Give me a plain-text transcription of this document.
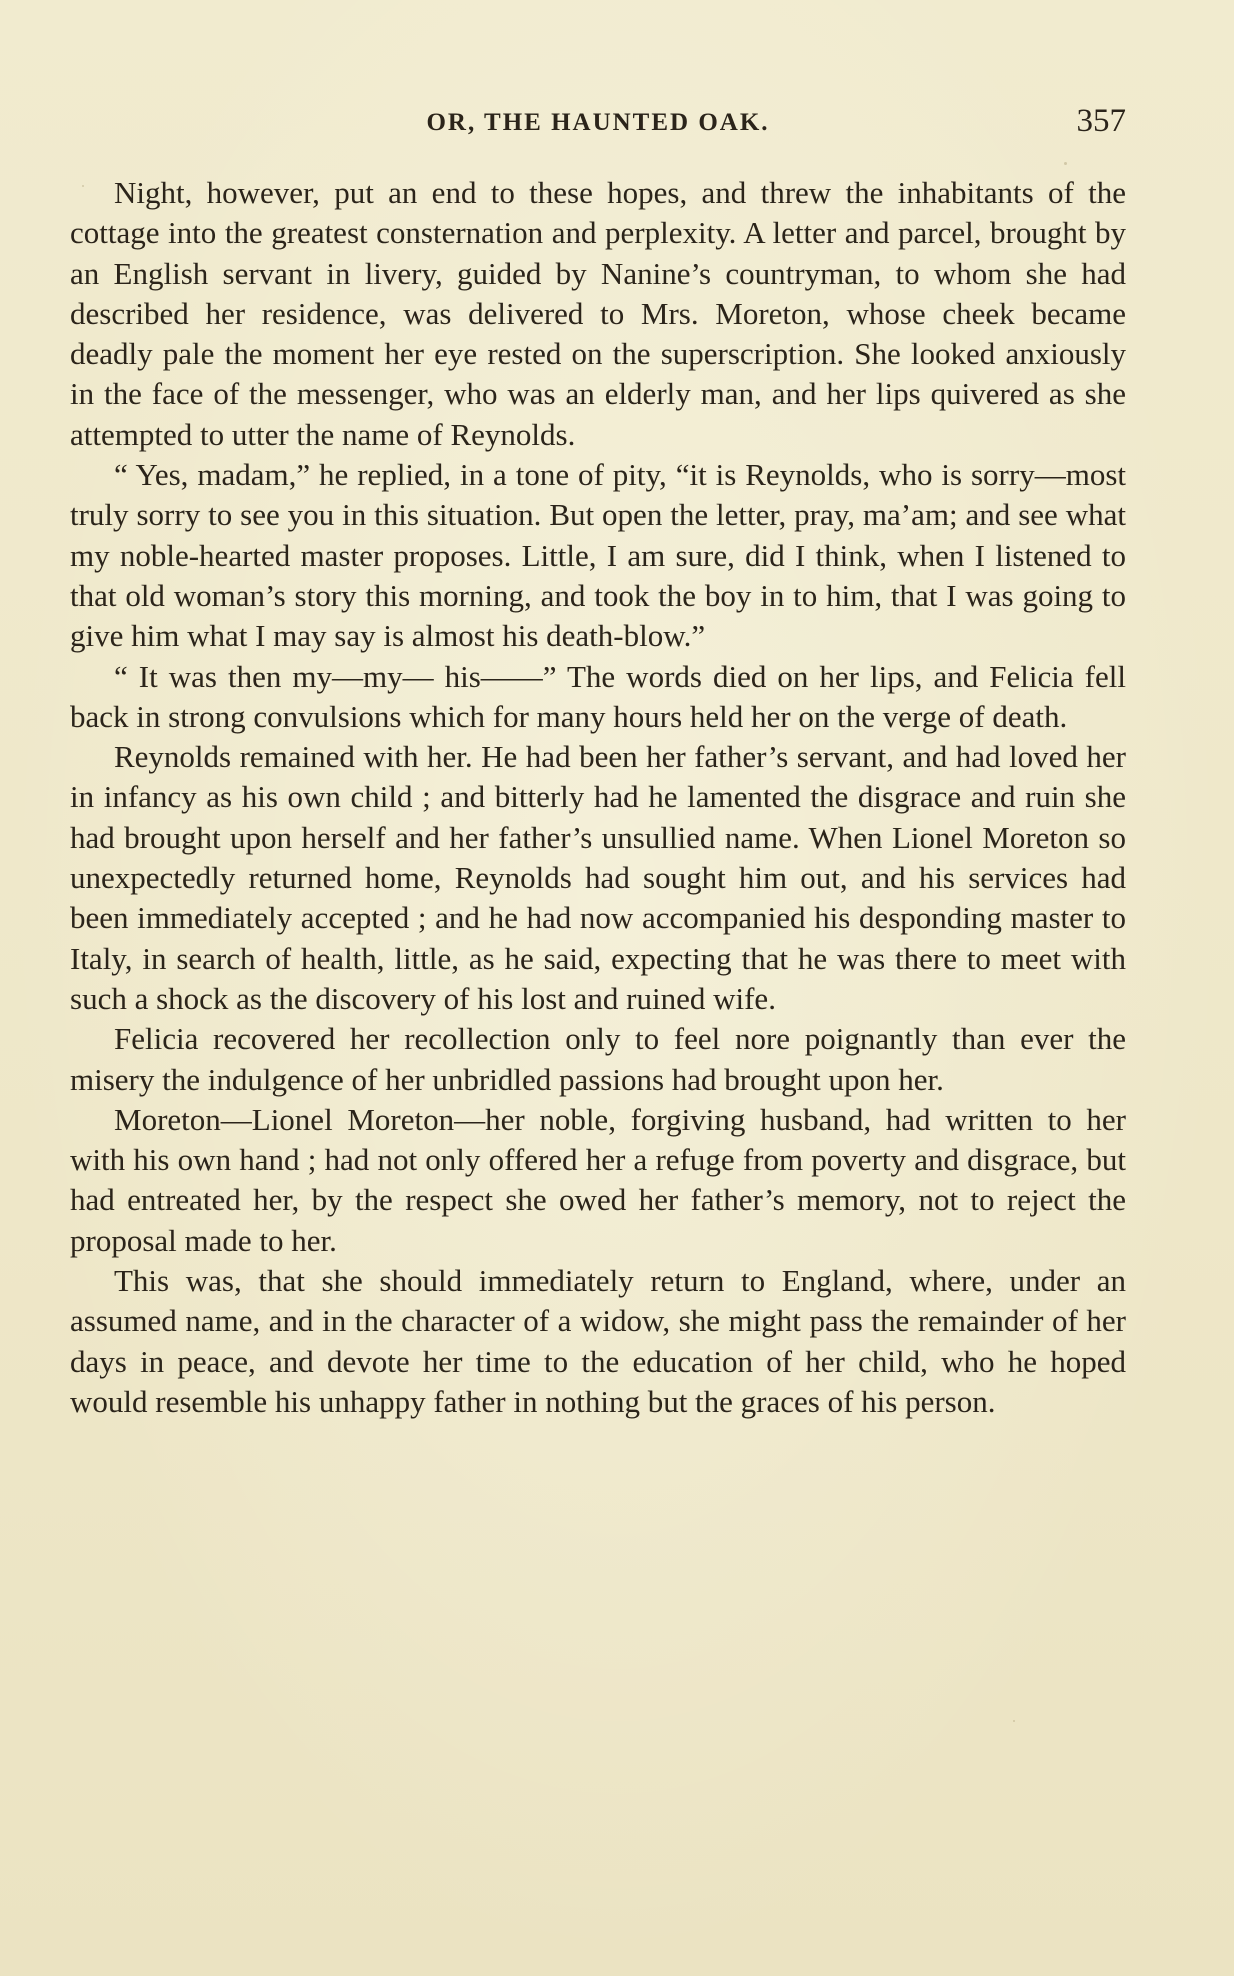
OR, THE HAUNTED OAK.	357

Night, however, put an end to these hopes, and threw the inhabitants of the cottage into the greatest consternation and perplexity. A letter and parcel, brought by an English servant in livery, guided by Nanine’s countryman, to whom she had described her residence, was delivered to Mrs. Moreton, whose cheek became deadly pale the moment her eye rested on the superscription. She looked anxiously in the face of the messenger, who was an elderly man, and her lips quivered as she attempted to utter the name of Reynolds.

“ Yes, madam,” he replied, in a tone of pity, “it is Reynolds, who is sorry—most truly sorry to see you in this situation. But open the letter, pray, ma’am; and see what my noble-hearted master proposes. Little, I am sure, did I think, when I listened to that old woman’s story this morning, and took the boy in to him, that I was going to give him what I may say is almost his death-blow.”

“ It was then my—my— his——” The words died on her lips, and Felicia fell back in strong convulsions which for many hours held her on the verge of death.

Reynolds remained with her. He had been her father’s servant, and had loved her in infancy as his own child ; and bitterly had he lamented the disgrace and ruin she had brought upon herself and her father’s unsullied name. When Lionel Moreton so unexpectedly returned home, Reynolds had sought him out, and his services had been immediately accepted ; and he had now accompanied his desponding master to Italy, in search of health, little, as he said, expecting that he was there to meet with such a shock as the discovery of his lost and ruined wife.

Felicia recovered her recollection only to feel nore poignantly than ever the misery the indulgence of her unbridled passions had brought upon her.

Moreton—Lionel Moreton—her noble, forgiving husband, had written to her with his own hand ; had not only offered her a refuge from poverty and disgrace, but had entreated her, by the respect she owed her father’s memory, not to reject the proposal made to her.

This was, that she should immediately return to England, where, under an assumed name, and in the character of a widow, she might pass the remainder of her days in peace, and devote her time to the education of her child, who he hoped would resemble his unhappy father in nothing but the graces of his person.
